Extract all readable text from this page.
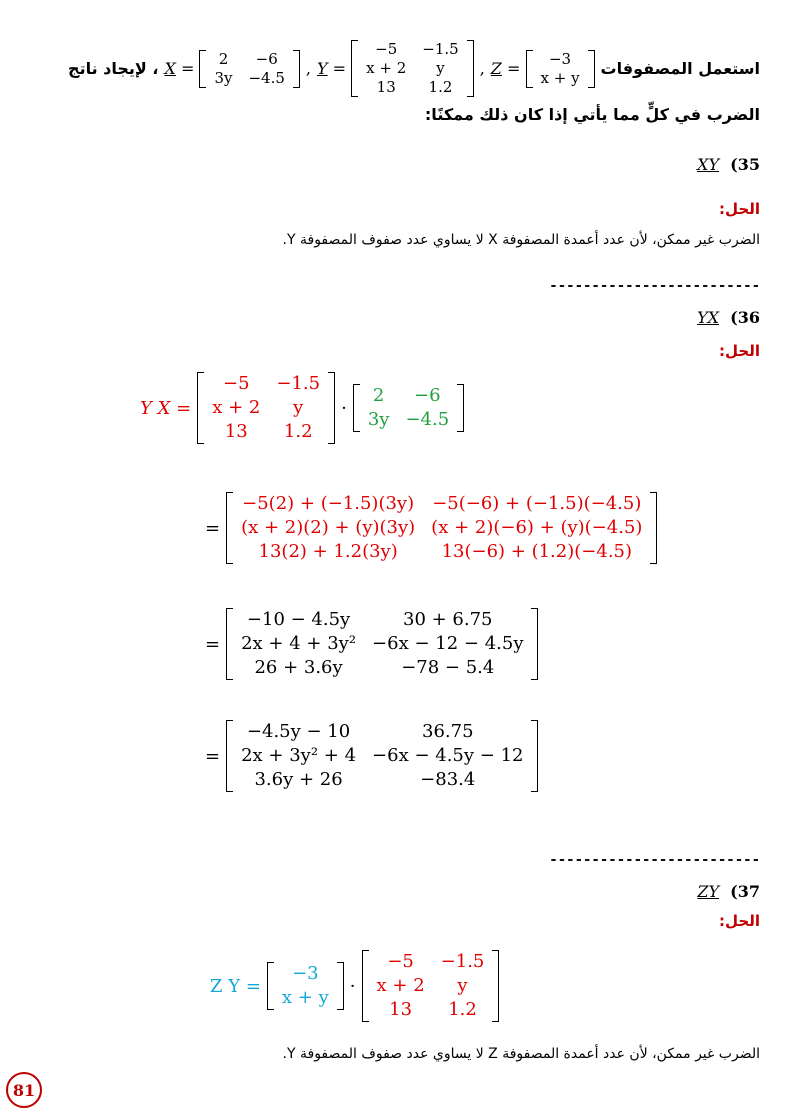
استعمل المصفوفات
Z =
−3
x + y
,
Y =
−5	−1.5
x + 2	y
13	1.2
,
X =
2	−6
3y	−4.5
، لإيجاد ناتج
الضرب في كلٍّ مما يأتي إذا كان ذلك ممكنًا:
35) XY
الحل:
الضرب غير ممكن، لأن عدد أعمدة المصفوفة X لا يساوي عدد صفوف المصفوفة Y.
-------------------------
36) YX
الحل:
Y X =
−5	−1.5
x + 2	y
13	1.2
·
2	−6
3y	−4.5
=
−5(2) + (−1.5)(3y)	−5(−6) + (−1.5)(−4.5)
(x + 2)(2) + (y)(3y)	(x + 2)(−6) + (y)(−4.5)
13(2) + 1.2(3y)	13(−6) + (1.2)(−4.5)
=
−10 − 4.5y	30 + 6.75
2x + 4 + 3y²	−6x − 12 − 4.5y
26 + 3.6y	−78 − 5.4
=
−4.5y − 10	36.75
2x + 3y² + 4	−6x − 4.5y − 12
3.6y + 26	−83.4
-------------------------
37) ZY
الحل:
Z Y =
−3
x + y
·
−5	−1.5
x + 2	y
13	1.2
الضرب غير ممكن، لأن عدد أعمدة المصفوفة Z لا يساوي عدد صفوف المصفوفة Y.
81
